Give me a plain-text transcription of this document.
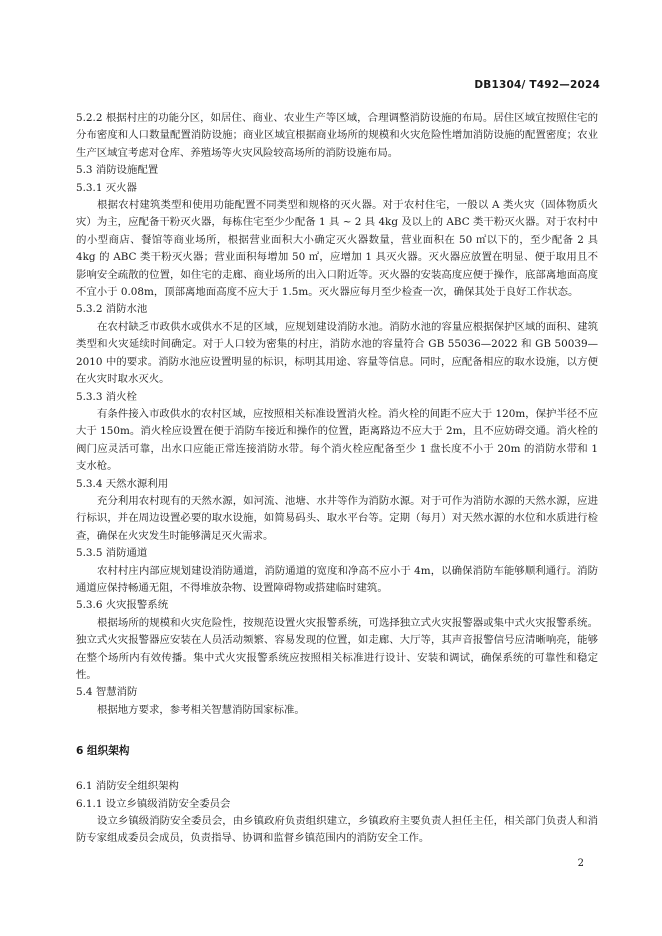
DB1304/ T492—2024
5.2.2 根据村庄的功能分区，如居住、商业、农业生产等区域，合理调整消防设施的布局。居住区域宜按照住宅的分布密度和人口数量配置消防设施；商业区域宜根据商业场所的规模和火灾危险性增加消防设施的配置密度；农业生产区域宜考虑对仓库、养殖场等火灾风险较高场所的消防设施布局。
5.3 消防设施配置
5.3.1 灭火器
根据农村建筑类型和使用功能配置不同类型和规格的灭火器。对于农村住宅，一般以 A 类火灾（固体物质火灾）为主，应配备干粉灭火器，每栋住宅至少少配备 1 具 ~ 2 具 4kg 及以上的 ABC 类干粉灭火器。对于农村中的小型商店、餐馆等商业场所，根据营业面积大小确定灭火器数量，营业面积在 50 ㎡以下的，至少配备 2 具 4kg 的 ABC 类干粉灭火器；营业面积每增加 50 ㎡，应增加 1 具灭火器。灭火器应放置在明显、便于取用且不影响安全疏散的位置，如住宅的走廊、商业场所的出入口附近等。灭火器的安装高度应便于操作，底部离地面高度不宜小于 0.08m，顶部离地面高度不应大于 1.5m。灭火器应每月至少检查一次，确保其处于良好工作状态。
5.3.2 消防水池
在农村缺乏市政供水或供水不足的区域，应规划建设消防水池。消防水池的容量应根据保护区域的面积、建筑类型和火灾延续时间确定。对于人口较为密集的村庄，消防水池的容量符合 GB 55036—2022 和 GB 50039—2010 中的要求。消防水池应设置明显的标识，标明其用途、容量等信息。同时，应配备相应的取水设施，以方便在火灾时取水灭火。
5.3.3 消火栓
有条件接入市政供水的农村区域，应按照相关标准设置消火栓。消火栓的间距不应大于 120m，保护半径不应大于 150m。消火栓应设置在便于消防车接近和操作的位置，距离路边不应大于 2m，且不应妨碍交通。消火栓的阀门应灵活可靠，出水口应能正常连接消防水带。每个消火栓应配备至少 1 盘长度不小于 20m 的消防水带和 1 支水枪。
5.3.4 天然水源利用
充分利用农村现有的天然水源，如河流、池塘、水井等作为消防水源。对于可作为消防水源的天然水源，应进行标识，并在周边设置必要的取水设施，如简易码头、取水平台等。定期（每月）对天然水源的水位和水质进行检查，确保在火灾发生时能够满足灭火需求。
5.3.5 消防通道
农村村庄内部应规划建设消防通道，消防通道的宽度和净高不应小于 4m，以确保消防车能够顺利通行。消防通道应保持畅通无阻，不得堆放杂物、设置障碍物或搭建临时建筑。
5.3.6 火灾报警系统
根据场所的规模和火灾危险性，按规范设置火灾报警系统，可选择独立式火灾报警器或集中式火灾报警系统。独立式火灾报警器应安装在人员活动频繁、容易发现的位置，如走廊、大厅等，其声音报警信号应清晰响亮，能够在整个场所内有效传播。集中式火灾报警系统应按照相关标准进行设计、安装和调试，确保系统的可靠性和稳定性。
5.4 智慧消防
根据地方要求，参考相关智慧消防国家标准。
6 组织架构
6.1 消防安全组织架构
6.1.1 设立乡镇级消防安全委员会
设立乡镇级消防安全委员会，由乡镇政府负责组织建立，乡镇政府主要负责人担任主任，相关部门负责人和消防专家组成委员会成员，负责指导、协调和监督乡镇范围内的消防安全工作。
2
